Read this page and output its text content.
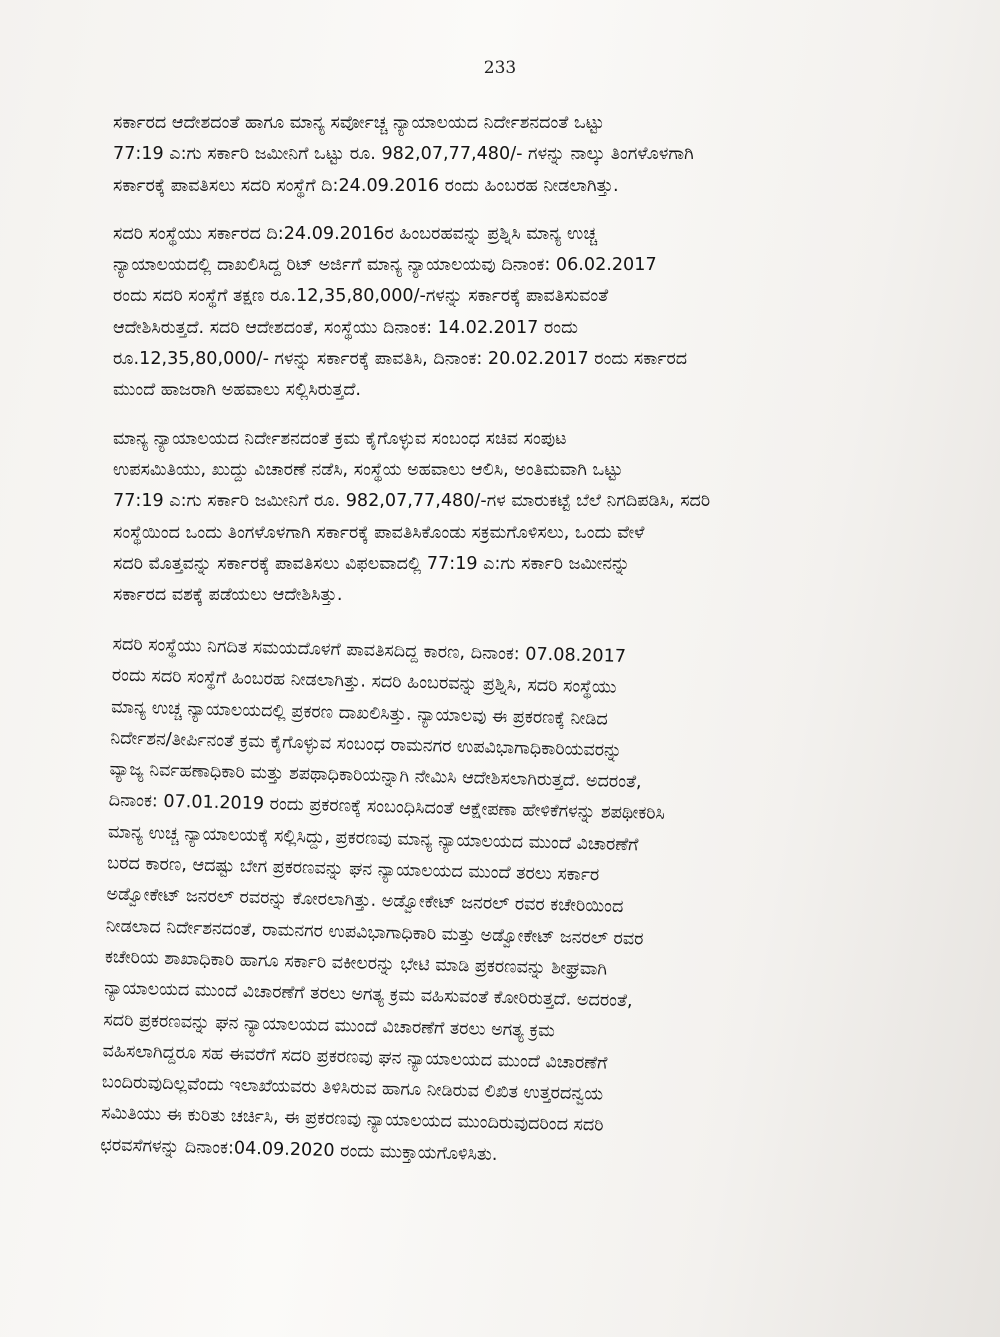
233

ಸರ್ಕಾರದ ಆದೇಶದಂತೆ ಹಾಗೂ ಮಾನ್ಯ ಸರ್ವೋಚ್ಚ ನ್ಯಾಯಾಲಯದ ನಿರ್ದೇಶನದಂತೆ ಒಟ್ಟು
77:19 ಎ:ಗು ಸರ್ಕಾರಿ ಜಮೀನಿಗೆ ಒಟ್ಟು ರೂ. 982,07,77,480/- ಗಳನ್ನು ನಾಲ್ಕು ತಿಂಗಳೊಳಗಾಗಿ
ಸರ್ಕಾರಕ್ಕೆ ಪಾವತಿಸಲು ಸದರಿ ಸಂಸ್ಥೆಗೆ ದಿ:24.09.2016 ರಂದು ಹಿಂಬರಹ ನೀಡಲಾಗಿತ್ತು.

ಸದರಿ ಸಂಸ್ಥೆಯು ಸರ್ಕಾರದ ದಿ:24.09.2016ರ ಹಿಂಬರಹವನ್ನು ಪ್ರಶ್ನಿಸಿ ಮಾನ್ಯ ಉಚ್ಚ
ನ್ಯಾಯಾಲಯದಲ್ಲಿ ದಾಖಲಿಸಿದ್ದ ರಿಟ್ ಅರ್ಜಿಗೆ ಮಾನ್ಯ ನ್ಯಾಯಾಲಯವು ದಿನಾಂಕ: 06.02.2017
ರಂದು ಸದರಿ ಸಂಸ್ಥೆಗೆ ತಕ್ಷಣ ರೂ.12,35,80,000/-ಗಳನ್ನು ಸರ್ಕಾರಕ್ಕೆ ಪಾವತಿಸುವಂತೆ
ಆದೇಶಿಸಿರುತ್ತದೆ. ಸದರಿ ಆದೇಶದಂತೆ, ಸಂಸ್ಥೆಯು ದಿನಾಂಕ: 14.02.2017 ರಂದು
ರೂ.12,35,80,000/- ಗಳನ್ನು ಸರ್ಕಾರಕ್ಕೆ ಪಾವತಿಸಿ, ದಿನಾಂಕ: 20.02.2017 ರಂದು ಸರ್ಕಾರದ
ಮುಂದೆ ಹಾಜರಾಗಿ ಅಹವಾಲು ಸಲ್ಲಿಸಿರುತ್ತದೆ.

ಮಾನ್ಯ ನ್ಯಾಯಾಲಯದ ನಿರ್ದೇಶನದಂತೆ ಕ್ರಮ ಕೈಗೊಳ್ಳುವ ಸಂಬಂಧ ಸಚಿವ ಸಂಪುಟ
ಉಪಸಮಿತಿಯು, ಖುದ್ದು ವಿಚಾರಣೆ ನಡೆಸಿ, ಸಂಸ್ಥೆಯ ಅಹವಾಲು ಆಲಿಸಿ, ಅಂತಿಮವಾಗಿ ಒಟ್ಟು
77:19 ಎ:ಗು ಸರ್ಕಾರಿ ಜಮೀನಿಗೆ ರೂ. 982,07,77,480/-ಗಳ ಮಾರುಕಟ್ಟೆ ಬೆಲೆ ನಿಗದಿಪಡಿಸಿ, ಸದರಿ
ಸಂಸ್ಥೆಯಿಂದ ಒಂದು ತಿಂಗಳೊಳಗಾಗಿ ಸರ್ಕಾರಕ್ಕೆ ಪಾವತಿಸಿಕೊಂಡು ಸಕ್ರಮಗೊಳಿಸಲು, ಒಂದು ವೇಳೆ
ಸದರಿ ಮೊತ್ತವನ್ನು ಸರ್ಕಾರಕ್ಕೆ ಪಾವತಿಸಲು ವಿಫಲವಾದಲ್ಲಿ 77:19 ಎ:ಗು ಸರ್ಕಾರಿ ಜಮೀನನ್ನು
ಸರ್ಕಾರದ ವಶಕ್ಕೆ ಪಡೆಯಲು ಆದೇಶಿಸಿತ್ತು.

ಸದರಿ ಸಂಸ್ಥೆಯು ನಿಗದಿತ ಸಮಯದೊಳಗೆ ಪಾವತಿಸದಿದ್ದ ಕಾರಣ, ದಿನಾಂಕ: 07.08.2017
ರಂದು ಸದರಿ ಸಂಸ್ಥೆಗೆ ಹಿಂಬರಹ ನೀಡಲಾಗಿತ್ತು. ಸದರಿ ಹಿಂಬರವನ್ನು ಪ್ರಶ್ನಿಸಿ, ಸದರಿ ಸಂಸ್ಥೆಯು
ಮಾನ್ಯ ಉಚ್ಚ ನ್ಯಾಯಾಲಯದಲ್ಲಿ ಪ್ರಕರಣ ದಾಖಲಿಸಿತ್ತು. ನ್ಯಾಯಾಲವು ಈ ಪ್ರಕರಣಕ್ಕೆ ನೀಡಿದ
ನಿರ್ದೇಶನ/ತೀರ್ಪಿನಂತೆ ಕ್ರಮ ಕೈಗೊಳ್ಳುವ ಸಂಬಂಧ ರಾಮನಗರ ಉಪವಿಭಾಗಾಧಿಕಾರಿಯವರನ್ನು
ವ್ಯಾಜ್ಯ ನಿರ್ವಹಣಾಧಿಕಾರಿ ಮತ್ತು ಶಪಥಾಧಿಕಾರಿಯನ್ನಾಗಿ ನೇಮಿಸಿ ಆದೇಶಿಸಲಾಗಿರುತ್ತದೆ. ಅದರಂತೆ,
ದಿನಾಂಕ: 07.01.2019 ರಂದು ಪ್ರಕರಣಕ್ಕೆ ಸಂಬಂಧಿಸಿದಂತೆ ಆಕ್ಷೇಪಣಾ ಹೇಳಿಕೆಗಳನ್ನು ಶಪಥೀಕರಿಸಿ
ಮಾನ್ಯ ಉಚ್ಚ ನ್ಯಾಯಾಲಯಕ್ಕೆ ಸಲ್ಲಿಸಿದ್ದು, ಪ್ರಕರಣವು ಮಾನ್ಯ ನ್ಯಾಯಾಲಯದ ಮುಂದೆ ವಿಚಾರಣೆಗೆ
ಬರದ ಕಾರಣ, ಆದಷ್ಟು ಬೇಗ ಪ್ರಕರಣವನ್ನು ಘನ ನ್ಯಾಯಾಲಯದ ಮುಂದೆ ತರಲು ಸರ್ಕಾರ
ಅಡ್ವೋಕೇಟ್ ಜನರಲ್ ರವರನ್ನು ಕೋರಲಾಗಿತ್ತು. ಅಡ್ವೋಕೇಟ್ ಜನರಲ್ ರವರ ಕಚೇರಿಯಿಂದ
ನೀಡಲಾದ ನಿರ್ದೇಶನದಂತೆ, ರಾಮನಗರ ಉಪವಿಭಾಗಾಧಿಕಾರಿ ಮತ್ತು ಅಡ್ವೋಕೇಟ್ ಜನರಲ್ ರವರ
ಕಚೇರಿಯ ಶಾಖಾಧಿಕಾರಿ ಹಾಗೂ ಸರ್ಕಾರಿ ವಕೀಲರನ್ನು ಭೇಟಿ ಮಾಡಿ ಪ್ರಕರಣವನ್ನು ಶೀಘ್ರವಾಗಿ
ನ್ಯಾಯಾಲಯದ ಮುಂದೆ ವಿಚಾರಣೆಗೆ ತರಲು ಅಗತ್ಯ ಕ್ರಮ ವಹಿಸುವಂತೆ ಕೋರಿರುತ್ತದೆ. ಅದರಂತೆ,
ಸದರಿ ಪ್ರಕರಣವನ್ನು ಘನ ನ್ಯಾಯಾಲಯದ ಮುಂದೆ ವಿಚಾರಣೆಗೆ ತರಲು ಅಗತ್ಯ ಕ್ರಮ
ವಹಿಸಲಾಗಿದ್ದರೂ ಸಹ ಈವರೆಗೆ ಸದರಿ ಪ್ರಕರಣವು ಘನ ನ್ಯಾಯಾಲಯದ ಮುಂದೆ ವಿಚಾರಣೆಗೆ
ಬಂದಿರುವುದಿಲ್ಲವೆಂದು ಇಲಾಖೆಯವರು ತಿಳಿಸಿರುವ ಹಾಗೂ ನೀಡಿರುವ ಲಿಖಿತ ಉತ್ತರದನ್ವಯ
ಸಮಿತಿಯು ಈ ಕುರಿತು ಚರ್ಚಿಸಿ, ಈ ಪ್ರಕರಣವು ನ್ಯಾಯಾಲಯದ ಮುಂದಿರುವುದರಿಂದ ಸದರಿ
ಛರವಸೆಗಳನ್ನು ದಿನಾಂಕ:04.09.2020 ರಂದು ಮುಕ್ತಾಯಗೊಳಿಸಿತು.
